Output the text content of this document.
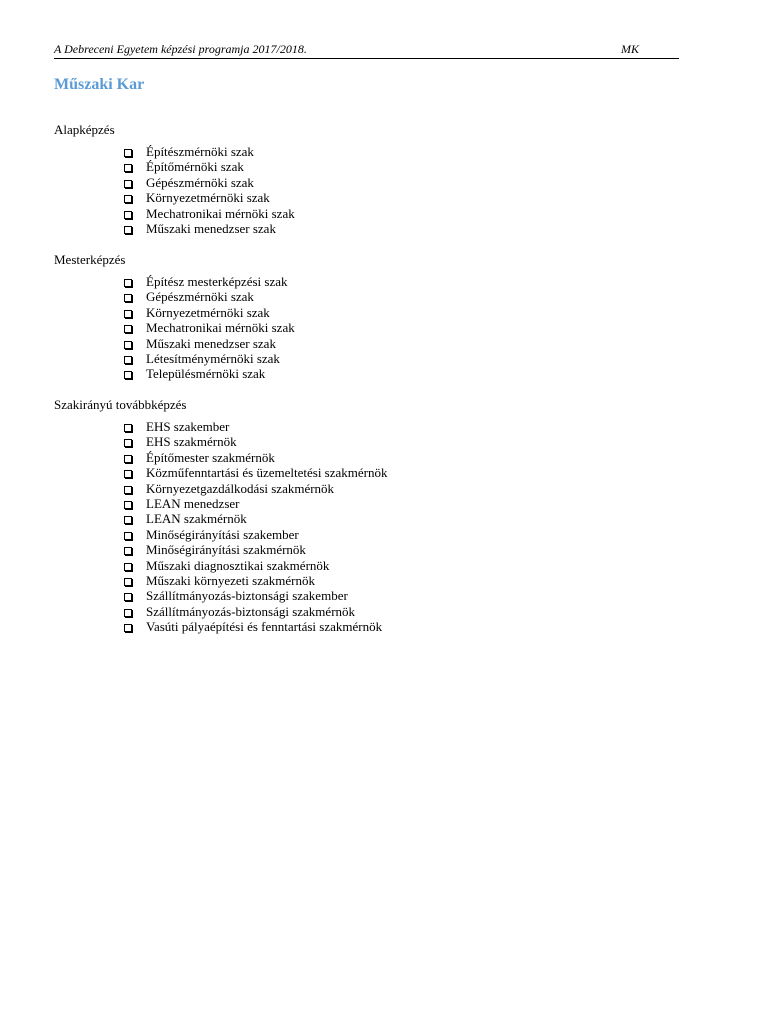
A Debreceni Egyetem képzési programja 2017/2018.	MK
Műszaki Kar
Alapképzés
Építészmérnöki szak
Építőmérnöki szak
Gépészmérnöki szak
Környezetmérnöki szak
Mechatronikai mérnöki szak
Műszaki menedzser szak
Mesterképzés
Építész mesterképzési szak
Gépészmérnöki szak
Környezetmérnöki szak
Mechatronikai mérnöki szak
Műszaki menedzser szak
Létesítménymérnöki szak
Településmérnöki szak
Szakirányú továbbképzés
EHS szakember
EHS szakmérnök
Építőmester szakmérnök
Közműfenntartási és üzemeltetési szakmérnök
Környezetgazdálkodási szakmérnök
LEAN menedzser
LEAN szakmérnök
Minőségirányítási szakember
Minőségirányítási szakmérnök
Műszaki diagnosztikai szakmérnök
Műszaki környezeti szakmérnök
Szállítmányozás-biztonsági szakember
Szállítmányozás-biztonsági szakmérnök
Vasúti pályaépítési és fenntartási szakmérnök
